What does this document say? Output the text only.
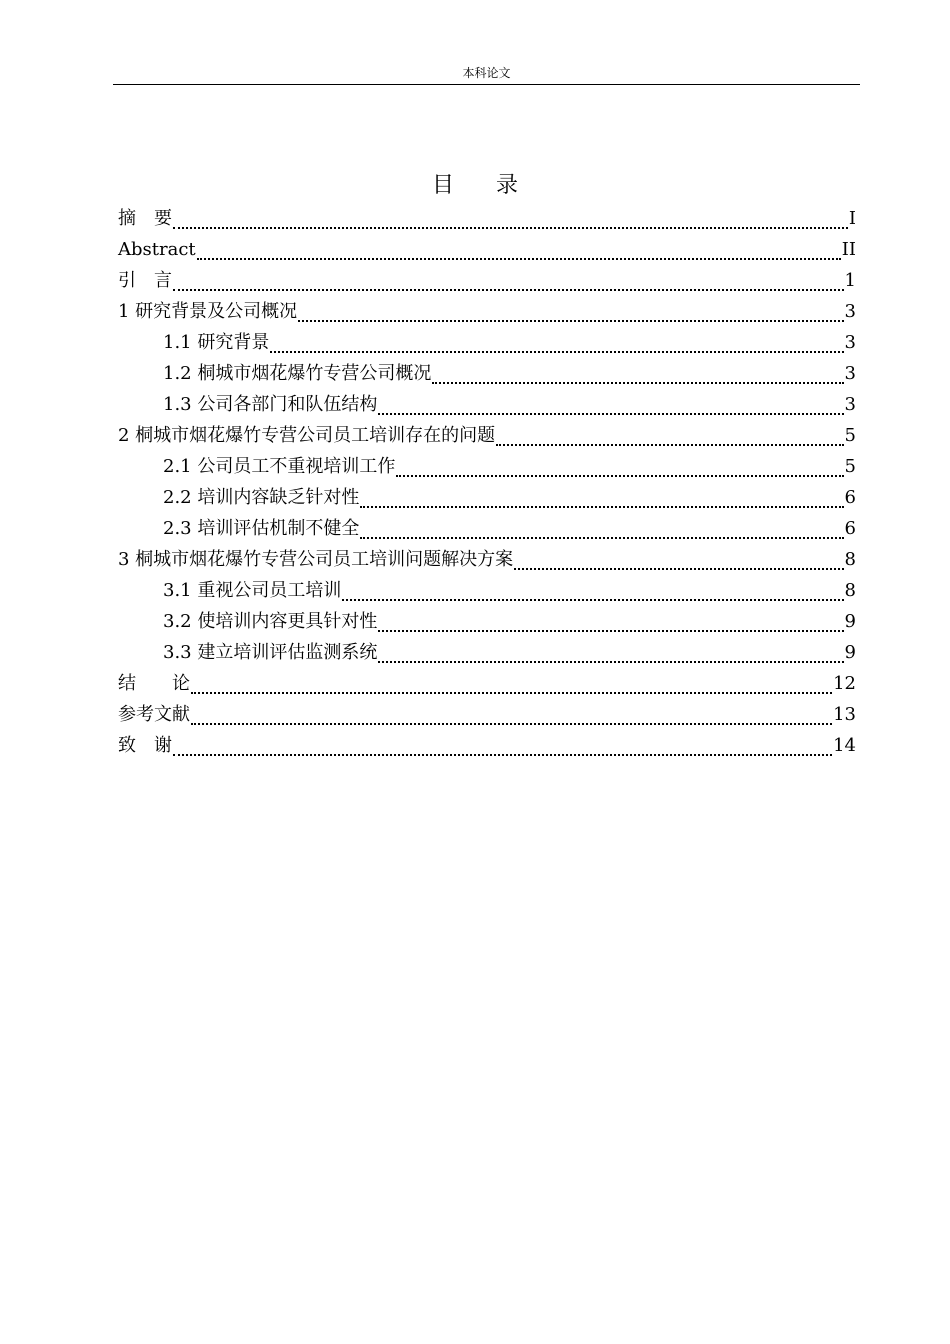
本科论文
目 录
摘　要	I
Abstract	II
引　言	1
1 研究背景及公司概况	3
1.1 研究背景	3
1.2 桐城市烟花爆竹专营公司概况	3
1.3 公司各部门和队伍结构	3
2 桐城市烟花爆竹专营公司员工培训存在的问题	5
2.1 公司员工不重视培训工作	5
2.2 培训内容缺乏针对性	6
2.3 培训评估机制不健全	6
3 桐城市烟花爆竹专营公司员工培训问题解决方案	8
3.1 重视公司员工培训	8
3.2 使培训内容更具针对性	9
3.3 建立培训评估监测系统	9
结　　论	12
参考文献	13
致　谢	14
